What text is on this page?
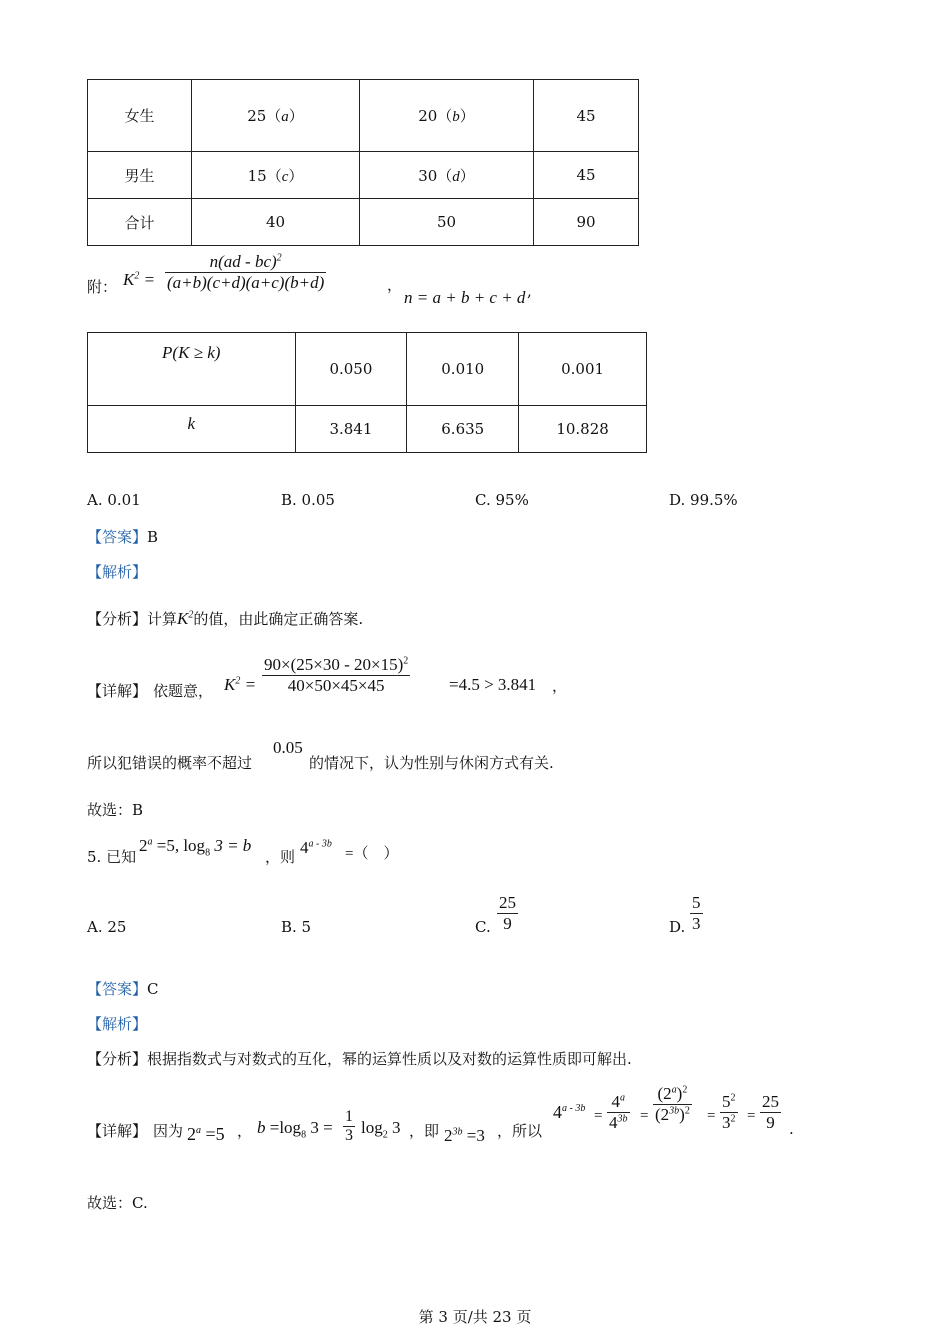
女生	25（a）	20（b）	45
男生	15（c）	30（d）	45
合计	40	50	90
附： $K^2 = \frac{n(ad - bc)^2}{(a+b)(c+d)(a+c)(b+d)}$	，
n = a + b + c + d ,
P(K ≥ k)	0.050	0.010	0.001
k	3.841	6.635	10.828
A. 0.01	B. 0.05	C. 95%	D. 99.5%
【答案】B
【解析】
【分析】计算$K^2$的值，由此确定正确答案.
【详解】 依题意， $K^2 = \frac{90\times(25\times 30 - 20\times 15)^2}{40\times 50\times 45\times 45} =4.5 > 3.841$ ，
所以犯错误的概率不超过
0.05
的情况下，认为性别与休闲方式有关.
故选：B
5. 已知
$2^a =5$, $\log_8 3 = b$
，则 $4^{a - 3b}$
=（　）
A. 25	B. 5	C. $\frac{25}{9}$	D. $\frac{5}{3}$
【答案】C
【解析】
【分析】根据指数式与对数式的互化，幂的运算性质以及对数的运算性质即可解出.
【详解】 因为 $2^a =5$ ， $b =\log_8$ $3 = \frac{1}{3} \log_2 3$ ，即 $2^{3b} =3$ ，所以
$4^{a - 3b} = \frac{4^a}{4^{3b}} = \frac{(2^a)^2}{(2^{3b})^2} = \frac{5^2}{3^2} = \frac{25}{9}$ .
故选：C.
第 3 页/共 23 页
